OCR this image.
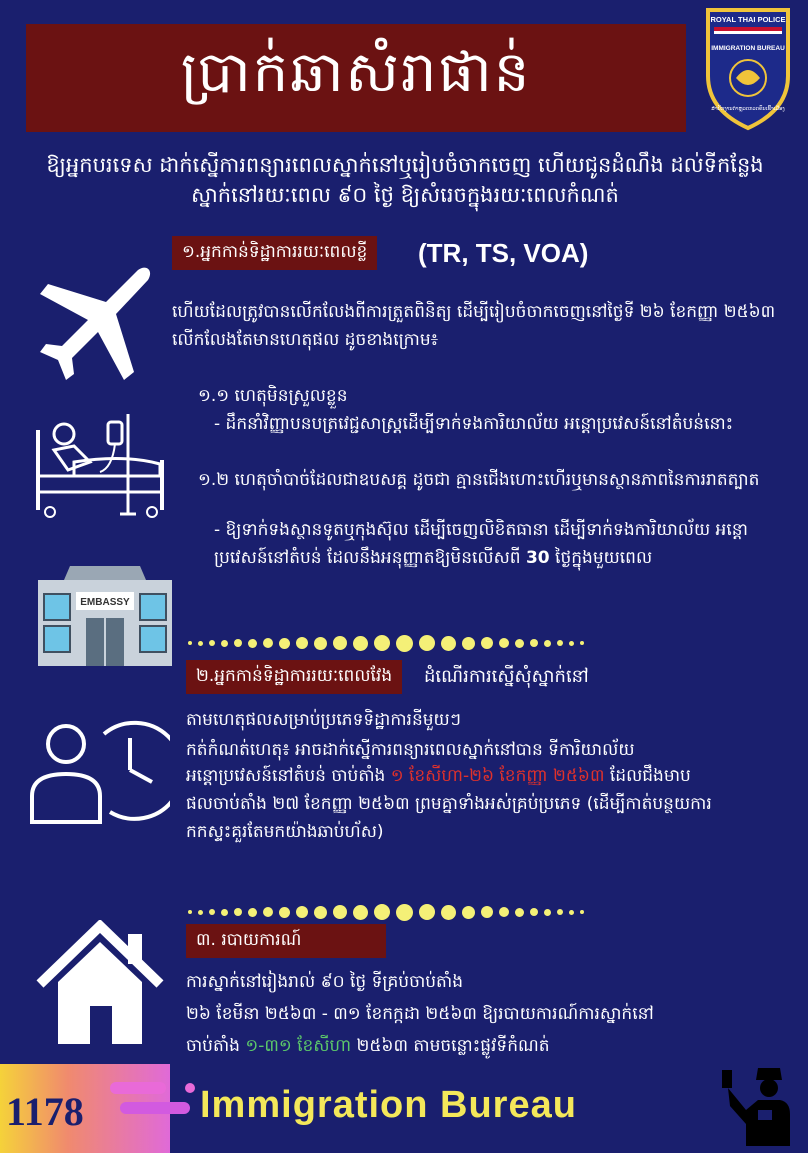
ប្រាក់ឆាសំរាផាន់
ROYAL THAI POLICE
IMMIGRATION BUREAU
ສຳນັກງານຕຳຫຼວດກວດຄົນເຂົ້າເມືອງ
ឱ្យអ្នកបរទេស ដាក់ស្នើការពន្យារពេលស្នាក់នៅឬរៀបចំចាកចេញ ហើយជូនដំណឹង ដល់ទីកន្លែងស្នាក់នៅរយៈពេល ៩០ ថ្ងៃ ឱ្យសំរេចក្នុងរយៈពេលកំណត់
១.អ្នកកាន់ទិដ្ឋាការរយៈពេលខ្លី	(TR, TS, VOA)
ហើយដែលត្រូវបានលើកលែងពីការត្រួតពិនិត្យ ដើម្បីរៀបចំចាកចេញនៅថ្ងៃទី ២៦ ខែកញ្ញា ២៥៦៣ លើកលែងតែមានហេតុផល ដូចខាងក្រោម៖
១.១ ហេតុមិនស្រួលខ្លួន
- ដឹកនាំវិញ្ញាបនបត្រវេជ្ជសាស្ត្រដើម្បីទាក់ទងការិយាល័យ អន្តោប្រវេសន៍នៅតំបន់នោះ
១.២ ហេតុចាំបាច់ដែលជាឧបសគ្គ ដូចជា គ្មានជើងហោះហើរឬមានស្ថានភាពនៃការរាតត្បាត
- ឱ្យទាក់ទងស្ថានទូតឬកុងស៊ុល ដើម្បីចេញលិខិតធានា ដើម្បីទាក់ទងការិយាល័យ អន្តោប្រវេសន៍នៅតំបន់ ដែលនឹងអនុញ្ញាតឱ្យមិនលើសពី 30 ថ្ងៃក្នុងមួយពេល
EMBASSY
២.អ្នកកាន់ទិដ្ឋាការរយៈពេលវែង	ដំណើរការស្នើសុំស្នាក់នៅ
តាមហេតុផលសម្រាប់ប្រភេទទិដ្ឋាការនីមួយៗ
កត់កំណត់ហេតុ៖ អាចដាក់ស្នើការពន្យារពេលស្នាក់នៅបាន ទីការិយាល័យ
អន្តោប្រវេសន៍នៅតំបន់ ចាប់តាំង ១ ខែសីហា-២៦ ខែកញ្ញា ២៥៦៣ ដែលជឹងមាប
ផលចាប់តាំង ២៧ ខែកញ្ញា ២៥៦៣ ព្រមគ្នាទាំងអស់គ្រប់ប្រភេទ (ដើម្បីកាត់បន្ថយការ
កកស្ទះគួរតែមកយ៉ាងឆាប់ហ័ស)
៣. របាយការណ៍
ការស្នាក់នៅរៀងរាល់ ៩០ ថ្ងៃ ទីគ្រប់ចាប់តាំង
២៦ ខែមីនា ២៥៦៣ - ៣១ ខែកក្កដា ២៥៦៣ ឱ្យរបាយការណ៍ការស្នាក់នៅ
ចាប់តាំង ១-៣១ ខែសីហា ២៥៦៣ តាមចន្លោះផ្លូវទីកំណត់
1178	Immigration Bureau
